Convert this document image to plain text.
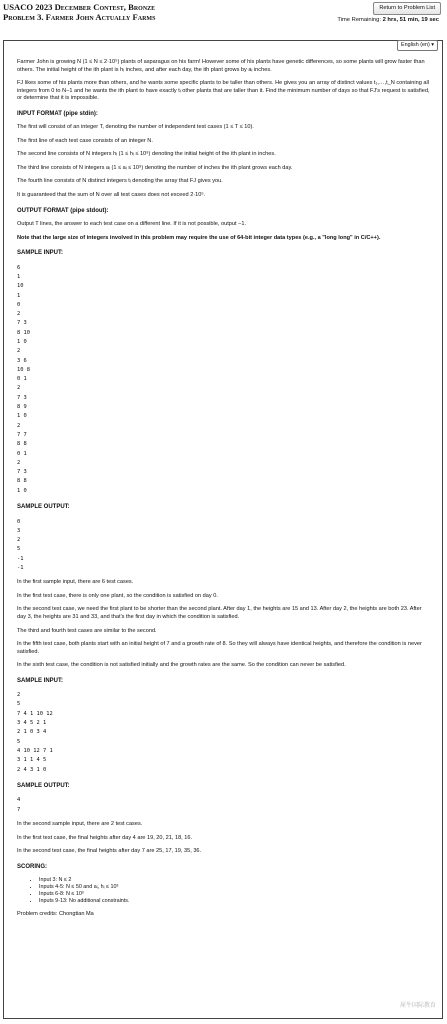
USACO 2023 December Contest, Bronze
Problem 3. Farmer John Actually Farms
Return to Problem List
Time Remaining: 2 hrs, 51 min, 19 sec
English (en) ▾
Farmer John is growing N (1 ≤ N ≤ 2·10⁵) plants of asparagus on his farm! However some of his plants have genetic differences, so some plants will grow faster than others. The initial height of the ith plant is hᵢ inches, and after each day, the ith plant grows by aᵢ inches.
FJ likes some of his plants more than others, and he wants some specific plants to be taller than others. He gives you an array of distinct values t₁,…,t_N containing all integers from 0 to N−1 and he wants the ith plant to have exactly tᵢ other plants that are taller than it. Find the minimum number of days so that FJ's request is satisfied, or determine that it is impossible.
INPUT FORMAT (pipe stdin):
The first will consist of an integer T, denoting the number of independent test cases (1 ≤ T ≤ 10).
The first line of each test case consists of an integer N.
The second line consists of N integers hᵢ (1 ≤ hᵢ ≤ 10⁹) denoting the initial height of the ith plant in inches.
The third line consists of N integers aᵢ (1 ≤ aᵢ ≤ 10⁹) denoting the number of inches the ith plant grows each day.
The fourth line consists of N distinct integers tᵢ denoting the array that FJ gives you.
It is guaranteed that the sum of N over all test cases does not exceed 2·10⁵.
OUTPUT FORMAT (pipe stdout):
Output T lines, the answer to each test case on a different line. If it is not possible, output −1.
Note that the large size of integers involved in this problem may require the use of 64-bit integer data types (e.g., a "long long" in C/C++).
SAMPLE INPUT:
6
1
10
1
0
2
7 3
8 10
1 0
2
3 6
10 8
0 1
2
7 3
8 9
1 0
2
7 7
8 8
0 1
2
7 3
8 8
1 0
SAMPLE OUTPUT:
0
3
2
5
-1
-1
In the first sample input, there are 6 test cases.
In the first test case, there is only one plant, so the condition is satisfied on day 0.
In the second test case, we need the first plant to be shorter than the second plant. After day 1, the heights are 15 and 13. After day 2, the heights are both 23. After day 3, the heights are 31 and 33, and that's the first day in which the condition is satisfied.
The third and fourth test cases are similar to the second.
In the fifth test case, both plants start with an initial height of 7 and a growth rate of 8. So they will always have identical heights, and therefore the condition is never satisfied.
In the sixth test case, the condition is not satisfied initially and the growth rates are the same. So the condition can never be satisfied.
SAMPLE INPUT:
2
5
7 4 1 10 12
3 4 5 2 1
2 1 0 3 4
5
4 10 12 7 1
3 1 1 4 5
2 4 3 1 0
SAMPLE OUTPUT:
4
7
In the second sample input, there are 2 test cases.
In the first test case, the final heights after day 4 are 19, 20, 21, 18, 16.
In the second test case, the final heights after day 7 are 25, 17, 19, 35, 36.
SCORING:
• Input 3: N ≤ 2
• Inputs 4-5: N ≤ 50 and aᵢ, hᵢ ≤ 10³
• Inputs 6-8: N ≤ 10³
• Inputs 9-13: No additional constraints.
Problem credits: Chongtian Ma
犀牛国际教育
